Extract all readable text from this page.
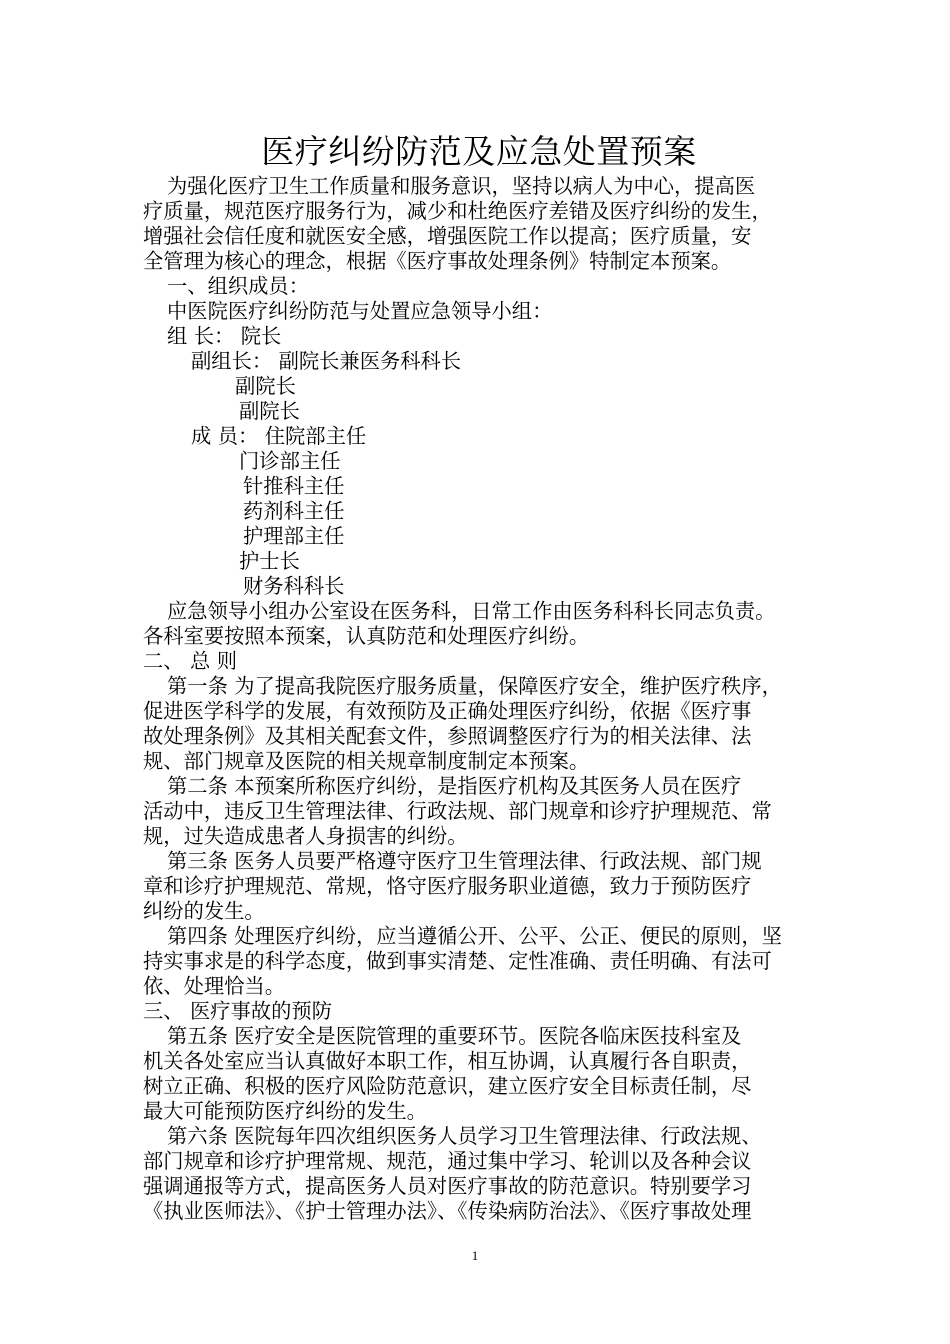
医疗纠纷防范及应急处置预案
为强化医疗卫生工作质量和服务意识，坚持以病人为中心，提高医
疗质量，规范医疗服务行为，减少和杜绝医疗差错及医疗纠纷的发生，
增强社会信任度和就医安全感，增强医院工作以提高；医疗质量，安
全管理为核心的理念，根据《医疗事故处理条例》特制定本预案。
一、组织成员：
中医院医疗纠纷防范与处置应急领导小组：
组 长： 院长
副组长： 副院长兼医务科科长
副院长
副院长
成 员： 住院部主任
门诊部主任
针推科主任
药剂科主任
护理部主任
护士长
财务科科长
应急领导小组办公室设在医务科，日常工作由医务科科长同志负责。
各科室要按照本预案，认真防范和处理医疗纠纷。
二、 总 则
第一条 为了提高我院医疗服务质量，保障医疗安全，维护医疗秩序，
促进医学科学的发展，有效预防及正确处理医疗纠纷，依据《医疗事
故处理条例》及其相关配套文件，参照调整医疗行为的相关法律、法
规、部门规章及医院的相关规章制度制定本预案。
第二条 本预案所称医疗纠纷，是指医疗机构及其医务人员在医疗
活动中，违反卫生管理法律、行政法规、部门规章和诊疗护理规范、常
规，过失造成患者人身损害的纠纷。
第三条 医务人员要严格遵守医疗卫生管理法律、行政法规、部门规
章和诊疗护理规范、常规，恪守医疗服务职业道德，致力于预防医疗
纠纷的发生。
第四条 处理医疗纠纷，应当遵循公开、公平、公正、便民的原则，坚
持实事求是的科学态度，做到事实清楚、定性准确、责任明确、有法可
依、处理恰当。
三、 医疗事故的预防
第五条 医疗安全是医院管理的重要环节。医院各临床医技科室及
机关各处室应当认真做好本职工作，相互协调，认真履行各自职责，
树立正确、积极的医疗风险防范意识，建立医疗安全目标责任制，尽
最大可能预防医疗纠纷的发生。
第六条 医院每年四次组织医务人员学习卫生管理法律、行政法规、
部门规章和诊疗护理常规、规范，通过集中学习、轮训以及各种会议
强调通报等方式，提高医务人员对医疗事故的防范意识。特别要学习
《执业医师法》、《护士管理办法》、《传染病防治法》、《医疗事故处理
1
